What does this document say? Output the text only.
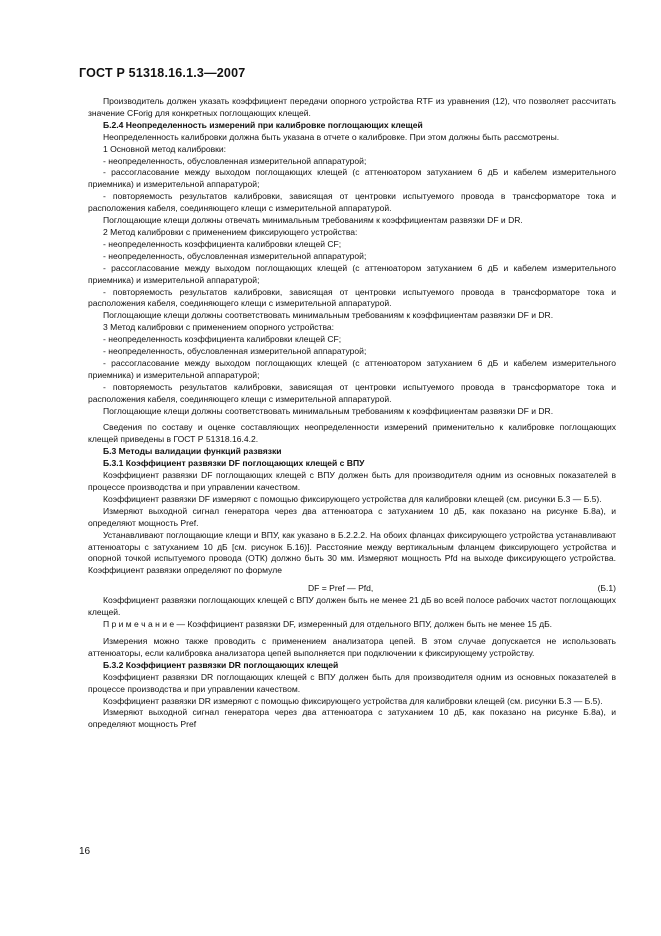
ГОСТ Р 51318.16.1.3—2007

Производитель должен указать коэффициент передачи опорного устройства RTF из уравнения (12), что позволяет рассчитать значение CForig для конкретных поглощающих клещей.

Б.2.4 Неопределенность измерений при калибровке поглощающих клещей

Неопределенность калибровки должна быть указана в отчете о калибровке. При этом должны быть рассмотрены.

1 Основной метод калибровки:

- неопределенность, обусловленная измерительной аппаратурой;

- рассогласование между выходом поглощающих клещей (с аттенюатором затуханием 6 дБ и кабелем измерительного приемника) и измерительной аппаратурой;

- повторяемость результатов калибровки, зависящая от центровки испытуемого провода в трансформаторе тока и расположения кабеля, соединяющего клещи с измерительной аппаратурой.

Поглощающие клещи должны отвечать минимальным требованиям к коэффициентам развязки DF и DR.

2 Метод калибровки с применением фиксирующего устройства:

- неопределенность коэффициента калибровки клещей CF;

- неопределенность, обусловленная измерительной аппаратурой;

- рассогласование между выходом поглощающих клещей (с аттенюатором затуханием 6 дБ и кабелем измерительного приемника) и измерительной аппаратурой;

- повторяемость результатов калибровки, зависящая от центровки испытуемого провода в трансформаторе тока и расположения кабеля, соединяющего клещи с измерительной аппаратурой.

Поглощающие клещи должны соответствовать минимальным требованиям к коэффициентам развязки DF и DR.

3 Метод калибровки с применением опорного устройства:

- неопределенность коэффициента калибровки клещей CF;

- неопределенность, обусловленная измерительной аппаратурой;

- рассогласование между выходом поглощающих клещей (с аттенюатором затуханием 6 дБ и кабелем измерительного приемника) и измерительной аппаратурой;

- повторяемость результатов калибровки, зависящая от центровки испытуемого провода в трансформаторе тока и расположения кабеля, соединяющего клещи с измерительной аппаратурой.

Поглощающие клещи должны соответствовать минимальным требованиям к коэффициентам развязки DF и DR.

Сведения по составу и оценке составляющих неопределенности измерений применительно к калибровке поглощающих клещей приведены в ГОСТ Р 51318.16.4.2.

Б.3 Методы валидации функций развязки

Б.3.1 Коэффициент развязки DF поглощающих клещей с ВПУ

Коэффициент развязки DF поглощающих клещей с ВПУ должен быть для производителя одним из основных показателей в процессе производства и при управлении качеством.

Коэффициент развязки DF измеряют с помощью фиксирующего устройства для калибровки клещей (см. рисунки Б.3 — Б.5).

Измеряют выходной сигнал генератора через два аттенюатора с затуханием 10 дБ, как показано на рисунке Б.8а), и определяют мощность Pref.

Устанавливают поглощающие клещи и ВПУ, как указано в Б.2.2.2. На обоих фланцах фиксирующего устройства устанавливают аттенюаторы с затуханием 10 дБ [см. рисунок Б.16)]. Расстояние между вертикальным фланцем фиксирующего устройства и опорной точкой испытуемого провода (ОТК) должно быть 30 мм. Измеряют мощность Pfd на выходе фиксирующего устройства. Коэффициент развязки определяют по формуле

DF = Pref — Pfd,	(Б.1)

Коэффициент развязки поглощающих клещей с ВПУ должен быть не менее 21 дБ во всей полосе рабочих частот поглощающих клещей.

П р и м е ч а н и е — Коэффициент развязки DF, измеренный для отдельного ВПУ, должен быть не менее 15 дБ.

Измерения можно также проводить с применением анализатора цепей. В этом случае допускается не использовать аттенюаторы, если калибровка анализатора цепей выполняется при подключении к фиксирующему устройству.

Б.3.2 Коэффициент развязки DR поглощающих клещей

Коэффициент развязки DR поглощающих клещей с ВПУ должен быть для производителя одним из основных показателей в процессе производства и при управлении качеством.

Коэффициент развязки DR измеряют с помощью фиксирующего устройства для калибровки клещей (см. рисунки Б.3 — Б.5).

Измеряют выходной сигнал генератора через два аттенюатора с затуханием 10 дБ, как показано на рисунке Б.8а), и определяют мощность Pref

16
